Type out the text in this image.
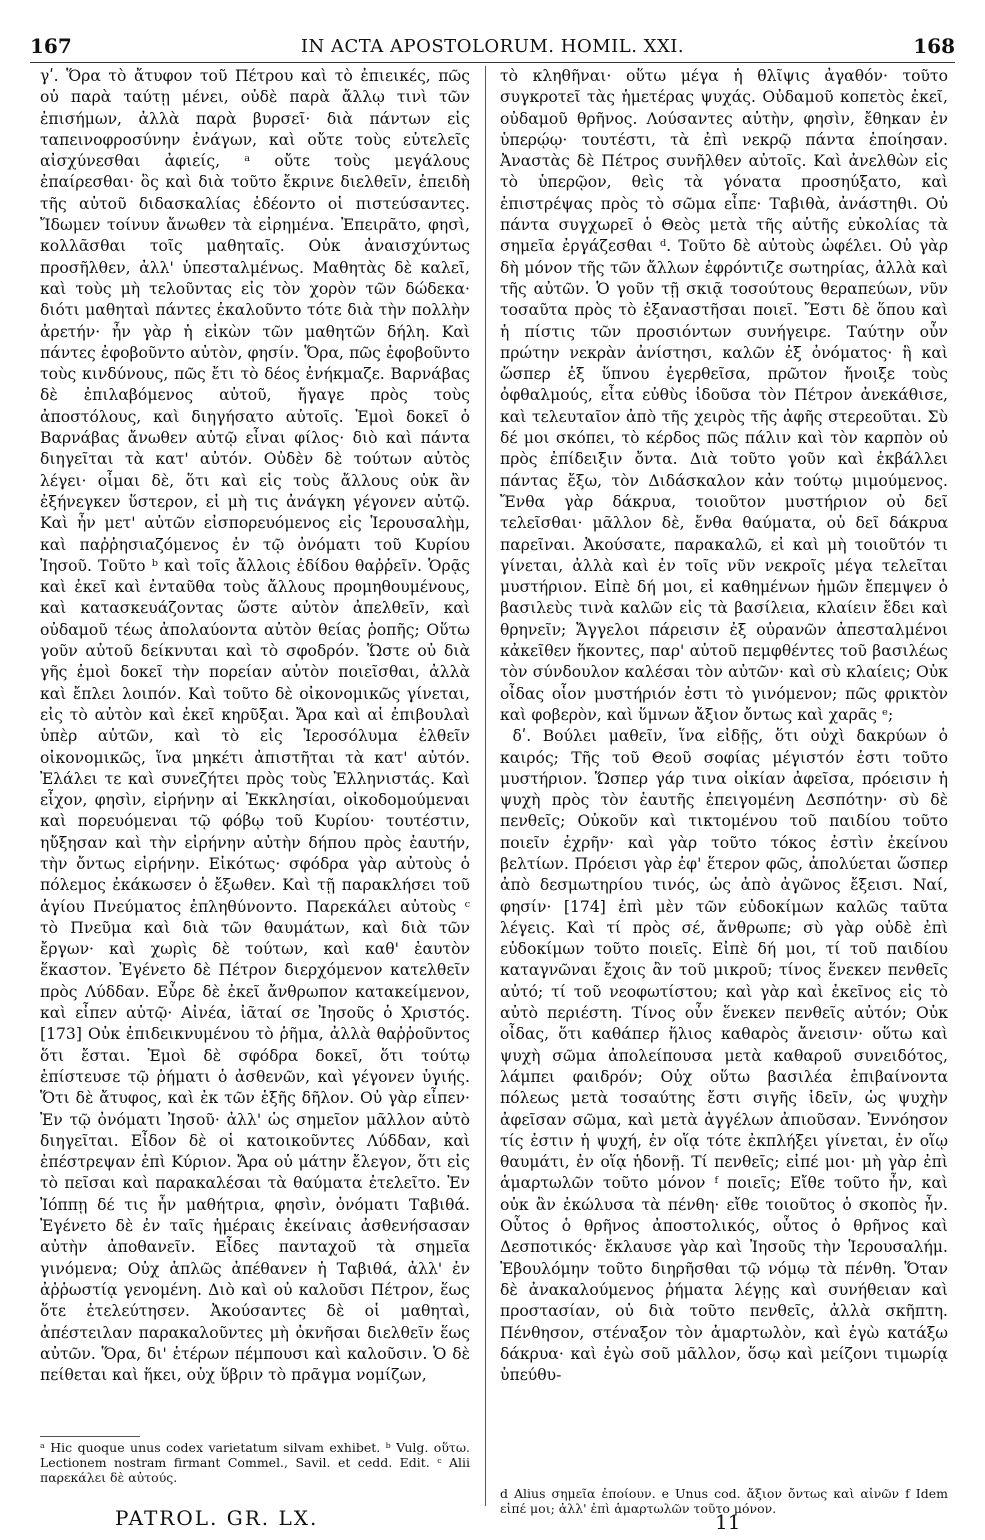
167	IN ACTA APOSTOLORUM. HOMIL. XXI.	168

γʹ. Ὅρα τὸ ἄτυφον τοῦ Πέτρου καὶ τὸ ἐπιεικές, πῶς οὐ παρὰ ταύτῃ μένει, οὐδὲ παρὰ ἄλλῳ τινὶ τῶν ἐπισήμων, ἀλλὰ παρὰ βυρσεῖ· διὰ πάντων εἰς ταπεινοφροσύνην ἐνάγων, καὶ οὔτε τοὺς εὐτελεῖς αἰσχύνεσθαι ἀφιείς, ᵃ οὔτε τοὺς μεγάλους ἐπαίρεσθαι· ὃς καὶ διὰ τοῦτο ἔκρινε διελθεῖν, ἐπειδὴ τῆς αὐτοῦ διδασκαλίας ἐδέοντο οἱ πιστεύσαντες. Ἴδωμεν τοίνυν ἄνωθεν τὰ εἰρημένα. Ἐπειρᾶτο, φησὶ, κολλᾶσθαι τοῖς μαθηταῖς. Οὐκ ἀναισχύντως προσῆλθεν, ἀλλ' ὑπεσταλμένως. Μαθητὰς δὲ καλεῖ, καὶ τοὺς μὴ τελοῦντας εἰς τὸν χορὸν τῶν δώδεκα· διότι μαθηταὶ πάντες ἐκαλοῦντο τότε διὰ τὴν πολλὴν ἀρετήν· ἦν γὰρ ἡ εἰκὼν τῶν μαθητῶν δήλη. Καὶ πάντες ἐφοβοῦντο αὐτὸν, φησίν. Ὅρα, πῶς ἐφοβοῦντο τοὺς κινδύνους, πῶς ἔτι τὸ δέος ἐνήκμαζε. Βαρνάβας δὲ ἐπιλαβόμενος αὐτοῦ, ἤγαγε πρὸς τοὺς ἀποστόλους, καὶ διηγήσατο αὐτοῖς. Ἐμοὶ δοκεῖ ὁ Βαρνάβας ἄνωθεν αὐτῷ εἶναι φίλος· διὸ καὶ πάντα διηγεῖται τὰ κατ' αὐτόν. Οὐδὲν δὲ τούτων αὐτὸς λέγει· οἶμαι δὲ, ὅτι καὶ εἰς τοὺς ἄλλους οὐκ ἂν ἐξήνεγκεν ὕστερον, εἰ μὴ τις ἀνάγκη γέγονεν αὐτῷ. Καὶ ἦν μετ' αὐτῶν εἰσπορευόμενος εἰς Ἱερουσαλὴμ, καὶ παῤῥησιαζόμενος ἐν τῷ ὀνόματι τοῦ Κυρίου Ἰησοῦ. Τοῦτο ᵇ καὶ τοῖς ἄλλοις ἐδίδου θαῤῥεῖν. Ὁρᾷς καὶ ἐκεῖ καὶ ἐνταῦθα τοὺς ἄλλους προμηθουμένους, καὶ κατασκευάζοντας ὥστε αὐτὸν ἀπελθεῖν, καὶ οὐδαμοῦ τέως ἀπολαύοντα αὐτὸν θείας ῥοπῆς; Οὕτω γοῦν αὐτοῦ δείκνυται καὶ τὸ σφοδρόν. Ὥστε οὐ διὰ γῆς ἐμοὶ δοκεῖ τὴν πορείαν αὐτὸν ποιεῖσθαι, ἀλλὰ καὶ ἔπλει λοιπόν. Καὶ τοῦτο δὲ οἰκονομικῶς γίνεται, εἰς τὸ αὐτὸν καὶ ἐκεῖ κηρῦξαι. Ἄρα καὶ αἱ ἐπιβουλαὶ ὑπὲρ αὐτῶν, καὶ τὸ εἰς Ἱεροσόλυμα ἐλθεῖν οἰκονομικῶς, ἵνα μηκέτι ἀπιστῆται τὰ κατ' αὐτόν. Ἐλάλει τε καὶ συνεζήτει πρὸς τοὺς Ἑλληνιστάς. Καὶ εἶχον, φησὶν, εἰρήνην αἱ Ἐκκλησίαι, οἰκοδομούμεναι καὶ πορευόμεναι τῷ φόβῳ τοῦ Κυρίου· τουτέστιν, ηὔξησαν καὶ τὴν εἰρήνην αὐτὴν δήπου πρὸς ἑαυτήν, τὴν ὄντως εἰρήνην. Εἰκότως· σφόδρα γὰρ αὐτοὺς ὁ πόλεμος ἐκάκωσεν ὁ ἔξωθεν. Καὶ τῇ παρακλήσει τοῦ ἁγίου Πνεύματος ἐπληθύνοντο. Παρεκάλει αὐτοὺς ᶜ τὸ Πνεῦμα καὶ διὰ τῶν θαυμάτων, καὶ διὰ τῶν ἔργων· καὶ χωρὶς δὲ τούτων, καὶ καθ' ἑαυτὸν ἕκαστον. Ἐγένετο δὲ Πέτρον διερχόμενον κατελθεῖν πρὸς Λύδδαν. Εὗρε δὲ ἐκεῖ ἄνθρωπον κατακείμενον, καὶ εἶπεν αὐτῷ· Αἰνέα, ἰᾶταί σε Ἰησοῦς ὁ Χριστός. [173] Οὐκ ἐπιδεικνυμένου τὸ ῥῆμα, ἀλλὰ θαῤῥοῦντος ὅτι ἔσται. Ἐμοὶ δὲ σφόδρα δοκεῖ, ὅτι τούτῳ ἐπίστευσε τῷ ῥήματι ὁ ἀσθενῶν, καὶ γέγονεν ὑγιής. Ὅτι δὲ ἄτυφος, καὶ ἐκ τῶν ἑξῆς δῆλον. Οὐ γὰρ εἶπεν· Ἐν τῷ ὀνόματι Ἰησοῦ· ἀλλ' ὡς σημεῖον μᾶλλον αὐτὸ διηγεῖται. Εἶδον δὲ οἱ κατοικοῦντες Λύδδαν, καὶ ἐπέστρεψαν ἐπὶ Κύριον. Ἄρα οὐ μάτην ἔλεγον, ὅτι εἰς τὸ πεῖσαι καὶ παρακαλέσαι τὰ θαύματα ἐτελεῖτο. Ἐν Ἰόππῃ δέ τις ἦν μαθήτρια, φησὶν, ὀνόματι Ταβιθά. Ἐγένετο δὲ ἐν ταῖς ἡμέραις ἐκείναις ἀσθενήσασαν αὐτὴν ἀποθανεῖν. Εἶδες πανταχοῦ τὰ σημεῖα γινόμενα; Οὐχ ἁπλῶς ἀπέθανεν ἡ Ταβιθά, ἀλλ' ἐν ἀῤῥωστίᾳ γενομένη. Διὸ καὶ οὐ καλοῦσι Πέτρον, ἕως ὅτε ἐτελεύτησεν. Ἀκούσαντες δὲ οἱ μαθηταὶ, ἀπέστειλαν παρακαλοῦντες μὴ ὀκνῆσαι διελθεῖν ἕως αὐτῶν. Ὅρα, δι' ἑτέρων πέμπουσι καὶ καλοῦσιν. Ὁ δὲ πείθεται καὶ ἥκει, οὐχ ὕβριν τὸ πρᾶγμα νομίζων,

τὸ κληθῆναι· οὕτω μέγα ἡ θλῖψις ἀγαθόν· τοῦτο συγκροτεῖ τὰς ἡμετέρας ψυχάς. Οὐδαμοῦ κοπετὸς ἐκεῖ, οὐδαμοῦ θρῆνος. Λούσαντες αὐτὴν, φησὶν, ἔθηκαν ἐν ὑπερῴῳ· τουτέστι, τὰ ἐπὶ νεκρῷ πάντα ἐποίησαν. Ἀναστὰς δὲ Πέτρος συνῆλθεν αὐτοῖς. Καὶ ἀνελθὼν εἰς τὸ ὑπερῷον, θεὶς τὰ γόνατα προσηύξατο, καὶ ἐπιστρέψας πρὸς τὸ σῶμα εἶπε· Ταβιθὰ, ἀνάστηθι. Οὐ πάντα συγχωρεῖ ὁ Θεὸς μετὰ τῆς αὐτῆς εὐκολίας τὰ σημεῖα ἐργάζεσθαι ᵈ. Τοῦτο δὲ αὐτοὺς ὠφέλει. Οὐ γὰρ δὴ μόνον τῆς τῶν ἄλλων ἐφρόντιζε σωτηρίας, ἀλλὰ καὶ τῆς αὐτῶν. Ὁ γοῦν τῇ σκιᾷ τοσούτους θεραπεύων, νῦν τοσαῦτα πρὸς τὸ ἐξαναστῆσαι ποιεῖ. Ἔστι δὲ ὅπου καὶ ἡ πίστις τῶν προσιόντων συνήγειρε. Ταύτην οὖν πρώτην νεκρὰν ἀνίστησι, καλῶν ἐξ ὀνόματος· ἢ καὶ ὥσπερ ἐξ ὕπνου ἐγερθεῖσα, πρῶτον ἤνοιξε τοὺς ὀφθαλμούς, εἶτα εὐθὺς ἰδοῦσα τὸν Πέτρον ἀνεκάθισε, καὶ τελευταῖον ἀπὸ τῆς χειρὸς τῆς ἀφῆς στερεοῦται. Σὺ δέ μοι σκόπει, τὸ κέρδος πῶς πάλιν καὶ τὸν καρπὸν οὐ πρὸς ἐπίδειξιν ὄντα. Διὰ τοῦτο γοῦν καὶ ἐκβάλλει πάντας ἔξω, τὸν Διδάσκαλον κἀν τούτῳ μιμούμενος. Ἔνθα γὰρ δάκρυα, τοιοῦτον μυστήριον οὐ δεῖ τελεῖσθαι· μᾶλλον δὲ, ἔνθα θαύματα, οὐ δεῖ δάκρυα παρεῖναι. Ἀκούσατε, παρακαλῶ, εἰ καὶ μὴ τοιοῦτόν τι γίνεται, ἀλλὰ καὶ ἐν τοῖς νῦν νεκροῖς μέγα τελεῖται μυστήριον. Εἰπὲ δή μοι, εἰ καθημένων ἡμῶν ἔπεμψεν ὁ βασιλεὺς τινὰ καλῶν εἰς τὰ βασίλεια, κλαίειν ἔδει καὶ θρηνεῖν; Ἄγγελοι πάρεισιν ἐξ οὐρανῶν ἀπεσταλμένοι κἀκεῖθεν ἥκοντες, παρ' αὐτοῦ πεμφθέντες τοῦ βασιλέως τὸν σύνδουλον καλέσαι τὸν αὐτῶν· καὶ σὺ κλαίεις; Οὐκ οἶδας οἷον μυστήριόν ἐστι τὸ γινόμενον; πῶς φρικτὸν καὶ φοβερὸν, καὶ ὕμνων ἄξιον ὄντως καὶ χαρᾶς ᵉ;

δʹ. Βούλει μαθεῖν, ἵνα εἰδῇς, ὅτι οὐχὶ δακρύων ὁ καιρός; Τῆς τοῦ Θεοῦ σοφίας μέγιστόν ἐστι τοῦτο μυστήριον. Ὥσπερ γάρ τινα οἰκίαν ἀφεῖσα, πρόεισιν ἡ ψυχὴ πρὸς τὸν ἑαυτῆς ἐπειγομένη Δεσπότην· σὺ δὲ πενθεῖς; Οὐκοῦν καὶ τικτομένου τοῦ παιδίου τοῦτο ποιεῖν ἐχρῆν· καὶ γὰρ τοῦτο τόκος ἐστὶν ἐκείνου βελτίων. Πρόεισι γὰρ ἐφ' ἕτερον φῶς, ἀπολύεται ὥσπερ ἀπὸ δεσμωτηρίου τινός, ὡς ἀπὸ ἀγῶνος ἔξεισι. Ναί, φησίν· [174] ἐπὶ μὲν τῶν εὐδοκίμων καλῶς ταῦτα λέγεις. Καὶ τί πρὸς σέ, ἄνθρωπε; σὺ γὰρ οὐδὲ ἐπὶ εὐδοκίμων τοῦτο ποιεῖς. Εἰπὲ δή μοι, τί τοῦ παιδίου καταγνῶναι ἔχοις ἂν τοῦ μικροῦ; τίνος ἕνεκεν πενθεῖς αὐτό; τί τοῦ νεοφωτίστου; καὶ γὰρ καὶ ἐκεῖνος εἰς τὸ αὐτὸ περιέστη. Τίνος οὖν ἕνεκεν πενθεῖς αὐτόν; Οὐκ οἶδας, ὅτι καθάπερ ἥλιος καθαρὸς ἄνεισιν· οὕτω καὶ ψυχὴ σῶμα ἀπολείπουσα μετὰ καθαροῦ συνειδότος, λάμπει φαιδρόν; Οὐχ οὕτω βασιλέα ἐπιβαίνοντα πόλεως μετὰ τοσαύτης ἔστι σιγῆς ἰδεῖν, ὡς ψυχὴν ἀφεῖσαν σῶμα, καὶ μετὰ ἀγγέλων ἀπιοῦσαν. Ἐννόησον τίς ἐστιν ἡ ψυχή, ἐν οἵᾳ τότε ἐκπλήξει γίνεται, ἐν οἵῳ θαυμάτι, ἐν οἵᾳ ἡδονῇ. Τί πενθεῖς; εἰπέ μοι· μὴ γὰρ ἐπὶ ἁμαρτωλῶν τοῦτο μόνον ᶠ ποιεῖς; Εἴθε τοῦτο ἦν, καὶ οὐκ ἂν ἐκώλυσα τὰ πένθη· εἴθε τοιοῦτος ὁ σκοπὸς ἦν. Οὗτος ὁ θρῆνος ἀποστολικός, οὗτος ὁ θρῆνος καὶ Δεσποτικός· ἔκλαυσε γὰρ καὶ Ἰησοῦς τὴν Ἱερουσαλήμ. Ἐβουλόμην τοῦτο διηρῆσθαι τῷ νόμῳ τὰ πένθη. Ὅταν δὲ ἀνακαλούμενος ῥήματα λέγῃς καὶ συνήθειαν καὶ προστασίαν, οὐ διὰ τοῦτο πενθεῖς, ἀλλὰ σκῆπτη. Πένθησον, στέναξον τὸν ἁμαρτωλὸν, καὶ ἐγὼ κατάξω δάκρυα· καὶ ἐγὼ σοῦ μᾶλλον, ὅσῳ καὶ μείζονι τιμωρίᾳ ὑπεύθυ-

ᵃ Hic quoque unus codex varietatum silvam exhibet. ᵇ Vulg. οὕτω. Lectionem nostram firmant Commel., Savil. et cedd. Edit. ᶜ Alii παρεκάλει δὲ αὐτούς.
d Alius σημεῖα ἐποίουν. e Unus cod. ἄξιον ὄντως καὶ αἰνῶν f Idem εἰπέ μοι; ἀλλ' ἐπὶ ἁμαρτωλῶν τοῦτο μόνον.
PATROL. GR. LX.	11
